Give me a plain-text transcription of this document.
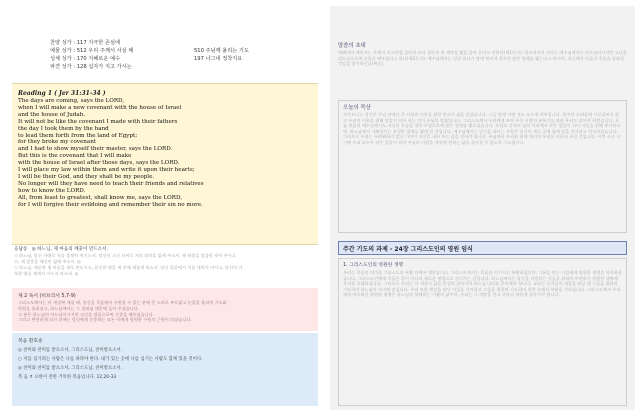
찬양 성가 : 117 지극한 존심에
예물 성가 : 512 우리 주께서 사실 때	510 주님께 올리는 기도
성체 성가 : 170 지혜로운 예수	197 나그네 정착지요
파견 성가 : 128 십자가 지고 가시는
Reading 1 ( Jer 31:31-34 )
The days are coming, says the LORD,
when I will make a new covenant with the house of Israel
and the house of Judah.
It will not be like the covenant I made with their fathers
the day I took them by the hand
to lead them forth from the land of Egypt;
for they broke my covenant
and I had to show myself their master, says the LORD.
But this is the covenant that I will make
with the house of Israel after those days, says the LORD.
I will place my law within them and write it upon their hearts;
I will be their God, and they shall be my people.
No longer will they have need to teach their friends and relatives
how to know the LORD.
All, from least to greatest, shall know me, says the LORD,
for I will forgive their evildoing and remember their sin no more.
응답송 ◎ 하느님, 제 마음의 깨끗이 만드소서.
○ 하느님, 당신 자애로 저를 불쌍히 여기소서. 당신의 크신 자비로 저의 죄악을 없애 주소서. 제 허물을 말끔히 씻어 주시고
고, 제 잘못을 깨끗이 없애 주소서. ◎
○ 하느님, 깨끗한 제 마음을 새로 만드시고, 굳건한 영을 제 안에 새롭게 하소서. 당신 얼굴에서 저를 내치지 마시고, 당신의 거
룩한 영을 제게서 거두지 마소서. ◎
제 2 독서 (히브리서 5,7-9)
그리스도께서는 이 세상에 계실 때, 당신을 죽음에서 구원할 수 있는 분께 큰 소리로 부르짖고 눈물을 흘리며 기도와
탄원을 올리셨고, 하느님께서는 그 경외심 때문에 들어 주셨습니다.
그 분은 하느님의 아드님이시지만 고난을 겪음으로써 순종을 배우셨습니다.
그리고 완전하게 되신 뒤에는 당신에게 순종하는 모든 이에게 영원한 구원의 근원이 되셨습니다.
복음 환호송
◎ 찬미와 찬미를 받으소서, 그리스도님, 찬미받으소서.
○ 저를 섬기려는 사람은 나를 따라야 한다. 내가 있는 곳에 나를 섬기는 사람도 함께 있을 것이다.
◎ 찬미와 찬미를 받으소서, 그리스도님, 찬미받으소서.
복 음 ✝ 요한이 전한 거룩한 복음입니다. 12,20-33
말씀의 초대
예레미야 예언자는 주께서 이스라엘 집안과 유다 집안과 새 계약을 맺을 날이 온다고 전한다(제1독서). 히브리서의 저자는 예수님께서는 아드님이시지만 고난을 겪으심으로써 순종을 배우셨다고 한다(제2독서). 예수님께서는 밀알 하나가 땅에 떨어져 죽으면 많은 열매를 맺는다고 하시며, 당신께서 아들의 죽음을 당하실 것임을 암시하신다(복음).
오늘의 묵상
사투르니노 성인은 주님 안에서 큰 사랑과 이웃을 위한 봉사의 삶을 살았습니다. 그들 앞에 서면 저도 모르게 작아집니다. 하지만 두려움에 사로잡히지 않고 우리의 이웃을 위해 밀알이 되어 사는 것이 주님의 말씀입니다. 그리스도께서 우리에게 보여 주신 사랑의 본보기를 따라 우리도 살아야 하겠습니다. 오늘 복음의 예수님께서도 자신의 목숨을 내어 주심으로써 많은 열매를 맺으셨습니다. 우리도 각자의 삶의 자리에서 작은 밀알이 되어 이웃을 위해 봉사한다면, 하느님께서 기뻐하시는 풍성한 열매를 맺게 될 것입니다. 예수님께서는 당신을 따르는 사람은 당신이 계신 곳에 함께 있을 것이라고 약속하셨습니다. 그러므로 우리는 두려워하지 말고 기꺼이 자신을 내어 주는 삶을 살아야 합니다. 주님께서 우리와 함께 계시며 우리를 이끌어 주실 것입니다. 이번 사순 시기에 우리 모두가 작은 밀알이 되어 주님의 사랑을 세상에 전하는 삶을 살아갈 수 있도록 기도합시다.
주간 기도의 과제 - 24장 그리스도인의 영원 임식
1. 그리스도인의 영원한 생명
우리는 죽음의 의미를 그리스도의 부활 안에서 깨닫습니다. 그리스도께서는 죽음을 이기시고 부활하셨으며, 그분을 믿는 이들에게 영원한 생명을 약속하셨습니다. 그리스도인에게 죽음은 끝이 아니라 새로운 생명으로 건너가는 길입니다. 하느님께서는 당신을 사랑하는 이들을 위하여 마련하신 영원한 생명에 우리를 초대하십니다. 그러므로 우리는 이 세상의 삶을 충실히 살아가며 하느님 나라를 준비해야 합니다. 교회는 신자들이 세상을 떠날 때 그들을 위하여 기도하며 하느님의 자비에 맡깁니다. 우리 또한 세상을 떠난 이들을 기억하고 그들을 위하여 기도하며 희망 속에서 부활을 기다립니다. 그리스도께서 우리에게 약속하신 영원한 생명은 하느님과 함께하는 기쁨의 삶이며, 우리는 그 희망을 안고 날마다 새롭게 살아가야 합니다.
